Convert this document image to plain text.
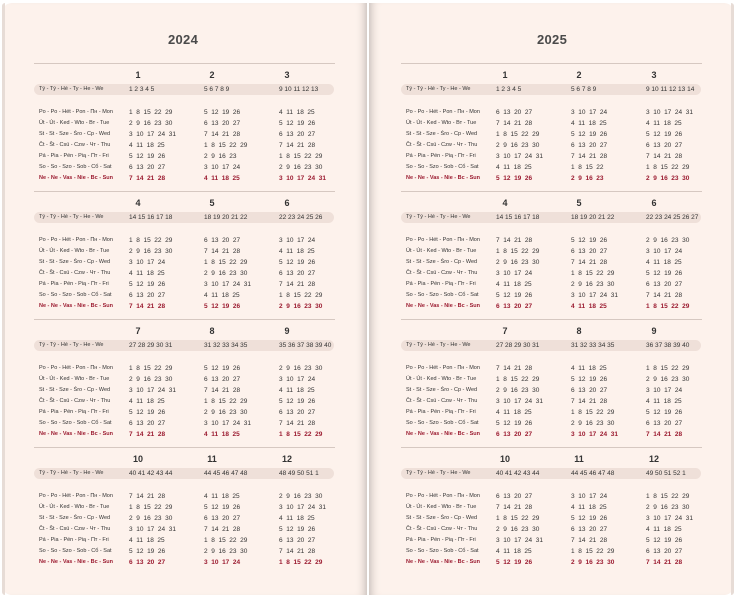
2024
1	2	3
Tý - Tý - Hé - Ty - He - We	1 2 3 4 5	5 6 7 8 9	9 10 11 12 13
Po - Po - Hét - Pon - Пн - Mon 1  8  15  22  29	5  12  19  26	4  11  18  25
Út - Út - Ked - Wto - Вт - Tue	2  9  16  23  30	6  13  20  27	5  12  19  26
St - St - Sze - Śro - Ср - Wed	3  10  17  24  31	7  14  21  28	6  13  20  27
Čt - Št - Csü - Czw - Чт - Thu	4  11  18  25	1  8  15  22  29	7  14  21  28
Pá - Pia - Pén - Pią - Пт - Fri	5  12  19  26	2  9  16  23	1  8  15  22  29
So - So - Szo - Sob - Сб - Sat	6  13  20  27	3  10  17  24	2  9  16  23  30
Ne - Ne - Vas - Nie - Вс - Sun 7  14  21  28	4  11  18  25	3  10  17  24  31
4	5	6
Tý - Tý - Hé - Ty - He - We	14 15 16 17 18	18 19 20 21 22	22 23 24 25 26
Po - Po - Hét - Pon - Пн - Mon 1  8  15  22  29	6  13  20  27	3  10  17  24
Út - Út - Ked - Wto - Вт - Tue	2  9  16  23  30	7  14  21  28	4  11  18  25
St - St - Sze - Śro - Ср - Wed	3  10  17  24	1  8  15  22  29	5  12  19  26
Čt - Št - Csü - Czw - Чт - Thu	4  11  18  25	2  9  16  23  30	6  13  20  27
Pá - Pia - Pén - Pią - Пт - Fri	5  12  19  26	3  10  17  24  31	7  14  21  28
So - So - Szo - Sob - Сб - Sat	6  13  20  27	4  11  18  25	1  8  15  22  29
Ne - Ne - Vas - Nie - Вс - Sun 7  14  21  28	5  12  19  26	2  9  16  23  30
7	8	9
Tý - Tý - Hé - Ty - He - We	27 28 29 30 31	31 32 33 34 35	35 36 37 38 39 40
Po - Po - Hét - Pon - Пн - Mon 1  8  15  22  29	5  12  19  26	2  9  16  23  30
Út - Út - Ked - Wto - Вт - Tue	2  9  16  23  30	6  13  20  27	3  10  17  24
St - St - Sze - Śro - Ср - Wed	3  10  17  24  31	7  14  21  28	4  11  18  25
Čt - Št - Csü - Czw - Чт - Thu	4  11  18  25	1  8  15  22  29	5  12  19  26
Pá - Pia - Pén - Pią - Пт - Fri	5  12  19  26	2  9  16  23  30	6  13  20  27
So - So - Szo - Sob - Сб - Sat	6  13  20  27	3  10  17  24  31	7  14  21  28
Ne - Ne - Vas - Nie - Вс - Sun 7  14  21  28	4  11  18  25	1  8  15  22  29
10	11	12
Tý - Tý - Hé - Ty - He - We	40 41 42 43 44	44 45 46 47 48	48 49 50 51 1
Po - Po - Hét - Pon - Пн - Mon 7  14  21  28	4  11  18  25	2  9  16  23  30
Út - Út - Ked - Wto - Вт - Tue	1  8  15  22  29	5  12  19  26	3  10  17  24  31
St - St - Sze - Śro - Ср - Wed	2  9  16  23  30	6  13  20  27	4  11  18  25
Čt - Št - Csü - Czw - Чт - Thu	3  10  17  24  31	7  14  21  28	5  12  19  26
Pá - Pia - Pén - Pią - Пт - Fri	4  11  18  25	1  8  15  22  29	6  13  20  27
So - So - Szo - Sob - Сб - Sat	5  12  19  26	2  9  16  23  30	7  14  21  28
Ne - Ne - Vas - Nie - Вс - Sun 6  13  20  27	3  10  17  24	1  8  15  22  29
2025
1	2	3
Tý - Tý - Hé - Ty - He - We	1 2 3 4 5	5 6 7 8 9	9 10 11 12 13 14
Po - Po - Hét - Pon - Пн - Mon 6  13  20  27	3  10  17  24	3  10  17  24  31
Út - Út - Ked - Wto - Вт - Tue	7  14  21  28	4  11  18  25	4  11  18  25
St - St - Sze - Śro - Ср - Wed	1  8  15  22  29	5  12  19  26	5  12  19  26
Čt - Št - Csü - Czw - Чт - Thu	2  9  16  23  30	6  13  20  27	6  13  20  27
Pá - Pia - Pén - Pią - Пт - Fri	3  10  17  24  31	7  14  21  28	7  14  21  28
So - So - Szo - Sob - Сб - Sat	4  11  18  25	1  8  15  22	1  8  15  22  29
Ne - Ne - Vas - Nie - Вс - Sun 5  12  19  26	2  9  16  23	2  9  16  23  30
4	5	6
Tý - Tý - Hé - Ty - He - We	14 15 16 17 18	18 19 20 21 22	22 23 24 25 26 27
Po - Po - Hét - Pon - Пн - Mon 7  14  21  28	5  12  19  26	2  9  16  23  30
Út - Út - Ked - Wto - Вт - Tue	1  8  15  22  29	6  13  20  27	3  10  17  24
St - St - Sze - Śro - Ср - Wed	2  9  16  23  30	7  14  21  28	4  11  18  25
Čt - Št - Csü - Czw - Чт - Thu	3  10  17  24	1  8  15  22  29	5  12  19  26
Pá - Pia - Pén - Pią - Пт - Fri	4  11  18  25	2  9  16  23  30	6  13  20  27
So - So - Szo - Sob - Сб - Sat	5  12  19  26	3  10  17  24  31	7  14  21  28
Ne - Ne - Vas - Nie - Вс - Sun 6  13  20  27	4  11  18  25	1  8  15  22  29
7	8	9
Tý - Tý - Hé - Ty - He - We	27 28 29 30 31	31 32 33 34 35	36 37 38 39 40
Po - Po - Hét - Pon - Пн - Mon 7  14  21  28	4  11  18  25	1  8  15  22  29
Út - Út - Ked - Wto - Вт - Tue	1  8  15  22  29	5  12  19  26	2  9  16  23  30
St - St - Sze - Śro - Ср - Wed	2  9  16  23  30	6  13  20  27	3  10  17  24
Čt - Št - Csü - Czw - Чт - Thu	3  10  17  24  31	7  14  21  28	4  11  18  25
Pá - Pia - Pén - Pią - Пт - Fri	4  11  18  25	1  8  15  22  29	5  12  19  26
So - So - Szo - Sob - Сб - Sat	5  12  19  26	2  9  16  23  30	6  13  20  27
Ne - Ne - Vas - Nie - Вс - Sun 6  13  20  27	3  10  17  24  31	7  14  21  28
10	11	12
Tý - Tý - Hé - Ty - He - We	40 41 42 43 44	44 45 46 47 48	49 50 51 52 1
Po - Po - Hét - Pon - Пн - Mon 6  13  20  27	3  10  17  24	1  8  15  22  29
Út - Út - Ked - Wto - Вт - Tue	7  14  21  28	4  11  18  25	2  9  16  23  30
St - St - Sze - Śro - Ср - Wed	1  8  15  22  29	5  12  19  26	3  10  17  24  31
Čt - Št - Csü - Czw - Чт - Thu	2  9  16  23  30	6  13  20  27	4  11  18  25
Pá - Pia - Pén - Pią - Пт - Fri	3  10  17  24  31	7  14  21  28	5  12  19  26
So - So - Szo - Sob - Сб - Sat	4  11  18  25	1  8  15  22  29	6  13  20  27
Ne - Ne - Vas - Nie - Вс - Sun 5  12  19  26	2  9  16  23  30	7  14  21  28
